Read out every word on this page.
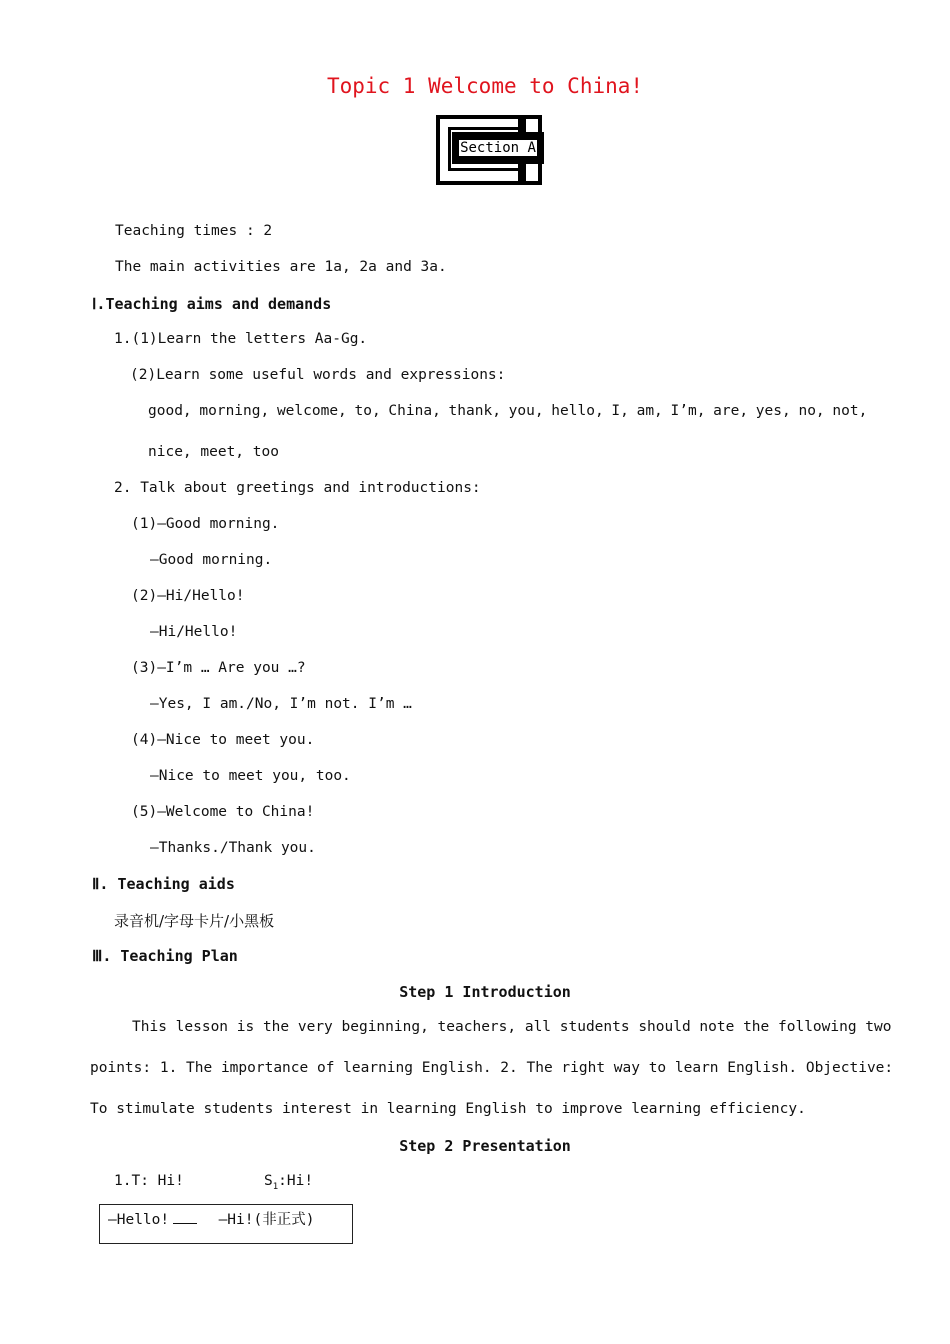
Topic 1 Welcome to China!
Section A
Teaching times : 2
The main activities are 1a, 2a and 3a.
Ⅰ.Teaching aims and demands
1.(1)Learn the letters Aa-Gg.
(2)Learn some useful words and expressions:
good, morning, welcome, to, China, thank, you, hello, I, am, I’m, are, yes, no, not,
nice, meet, too
2. Talk about greetings and introductions:
(1)—Good morning.
—Good morning.
(2)—Hi/Hello!
—Hi/Hello!
(3)—I’m … Are you …?
—Yes, I am./No, I’m not. I’m …
(4)—Nice to meet you.
—Nice to meet you, too.
(5)—Welcome to China!
—Thanks./Thank you.
Ⅱ. Teaching aids
录音机/字母卡片/小黑板
Ⅲ. Teaching Plan
Step 1 Introduction
This lesson is the very beginning, teachers, all students should note the following two
points: 1. The importance of learning English. 2. The right way to learn English. Objective:
To stimulate students interest in learning English to improve learning efficiency.
Step 2 Presentation
1.T: Hi!	$S_1:Hi$!
—Hello!	—Hi!(非正式)
